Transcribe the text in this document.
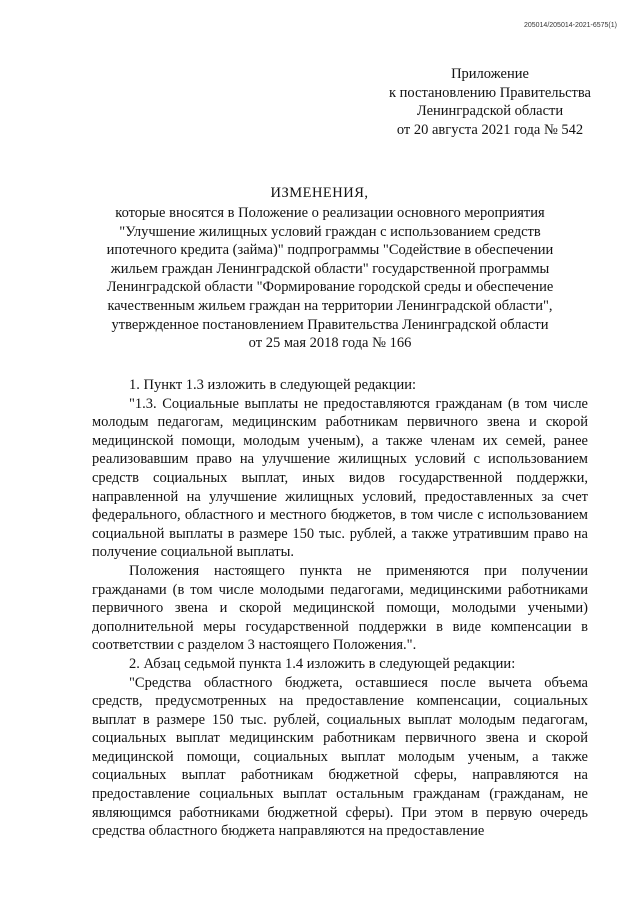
205014/205014-2021-6575(1)
Приложение
к постановлению Правительства
Ленинградской области
от 20 августа 2021 года № 542
ИЗМЕНЕНИЯ,
которые вносятся в Положение о реализации основного мероприятия
"Улучшение жилищных условий граждан с использованием средств
ипотечного кредита (займа)" подпрограммы "Содействие в обеспечении
жильем граждан Ленинградской области" государственной программы
Ленинградской области "Формирование городской среды и обеспечение
качественным жильем граждан на территории Ленинградской области",
утвержденное постановлением Правительства Ленинградской области
от 25 мая 2018 года № 166

1. Пункт 1.3 изложить в следующей редакции:

"1.3. Социальные выплаты не предоставляются гражданам (в том числе молодым педагогам, медицинским работникам первичного звена и скорой медицинской помощи, молодым ученым), а также членам их семей, ранее реализовавшим право на улучшение жилищных условий с использованием средств социальных выплат, иных видов государственной поддержки, направленной на улучшение жилищных условий, предоставленных за счет федерального, областного и местного бюджетов, в том числе с использованием социальной выплаты в размере 150 тыс. рублей, а также утратившим право на получение социальной выплаты.

Положения настоящего пункта не применяются при получении гражданами (в том числе молодыми педагогами, медицинскими работниками первичного звена и скорой медицинской помощи, молодыми учеными) дополнительной меры государственной поддержки в виде компенсации в соответствии с разделом 3 настоящего Положения.".

2. Абзац седьмой пункта 1.4 изложить в следующей редакции:

"Средства областного бюджета, оставшиеся после вычета объема средств, предусмотренных на предоставление компенсации, социальных выплат в размере 150 тыс. рублей, социальных выплат молодым педагогам, социальных выплат медицинским работникам первичного звена и скорой медицинской помощи, социальных выплат молодым ученым, а также социальных выплат работникам бюджетной сферы, направляются на предоставление социальных выплат остальным гражданам (гражданам, не являющимся работниками бюджетной сферы). При этом в первую очередь средства областного бюджета направляются на предоставление
